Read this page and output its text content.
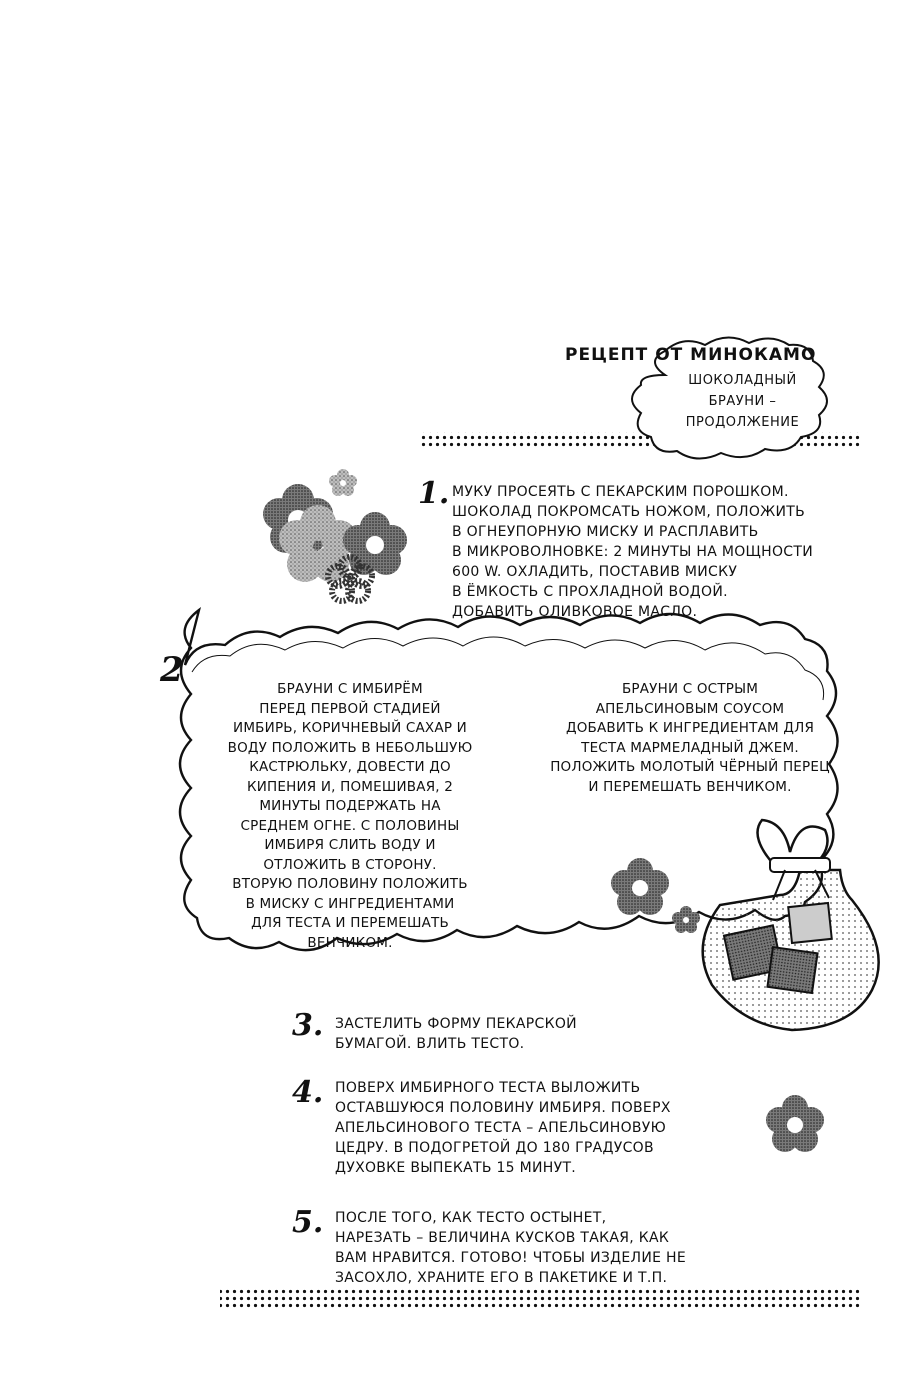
РЕЦЕПТ ОТ МИНОКАМО
ШОКОЛАДНЫЙ
БРАУНИ –
ПРОДОЛЖЕНИЕ
1. МУКУ ПРОСЕЯТЬ С ПЕКАРСКИМ ПОРОШКОМ.
ШОКОЛАД ПОКРОМСАТЬ НОЖОМ, ПОЛОЖИТЬ
В ОГНЕУПОРНУЮ МИСКУ И РАСПЛАВИТЬ
В МИКРОВОЛНОВКЕ: 2 МИНУТЫ НА МОЩНОСТИ
600 W. ОХЛАДИТЬ, ПОСТАВИВ МИСКУ
В ЁМКОСТЬ С ПРОХЛАДНОЙ ВОДОЙ.
ДОБАВИТЬ ОЛИВКОВОЕ МАСЛО.
2	БРАУНИ С ИМБИРЁМ
ПЕРЕД ПЕРВОЙ СТАДИЕЙ
ИМБИРЬ, КОРИЧНЕВЫЙ САХАР И
ВОДУ ПОЛОЖИТЬ В НЕБОЛЬШУЮ
КАСТРЮЛЬКУ, ДОВЕСТИ ДО
КИПЕНИЯ И, ПОМЕШИВАЯ, 2
МИНУТЫ ПОДЕРЖАТЬ НА
СРЕДНЕМ ОГНЕ. С ПОЛОВИНЫ
ИМБИРЯ СЛИТЬ ВОДУ И
ОТЛОЖИТЬ В СТОРОНУ.
ВТОРУЮ ПОЛОВИНУ ПОЛОЖИТЬ
В МИСКУ С ИНГРЕДИЕНТАМИ
ДЛЯ ТЕСТА И ПЕРЕМЕШАТЬ
ВЕНЧИКОМ.
БРАУНИ С ОСТРЫМ
АПЕЛЬСИНОВЫМ СОУСОМ
ДОБАВИТЬ К ИНГРЕДИЕНТАМ ДЛЯ
ТЕСТА МАРМЕЛАДНЫЙ ДЖЕМ.
ПОЛОЖИТЬ МОЛОТЫЙ ЧЁРНЫЙ ПЕРЕЦ
И ПЕРЕМЕШАТЬ ВЕНЧИКОМ.
3. ЗАСТЕЛИТЬ ФОРМУ ПЕКАРСКОЙ
БУМАГОЙ. ВЛИТЬ ТЕСТО.
4. ПОВЕРХ ИМБИРНОГО ТЕСТА ВЫЛОЖИТЬ
ОСТАВШУЮСЯ ПОЛОВИНУ ИМБИРЯ. ПОВЕРХ
АПЕЛЬСИНОВОГО ТЕСТА – АПЕЛЬСИНОВУЮ
ЦЕДРУ. В ПОДОГРЕТОЙ ДО 180 ГРАДУСОВ
ДУХОВКЕ ВЫПЕКАТЬ 15 МИНУТ.
5. ПОСЛЕ ТОГО, КАК ТЕСТО ОСТЫНЕТ,
НАРЕЗАТЬ – ВЕЛИЧИНА КУСКОВ ТАКАЯ, КАК
ВАМ НРАВИТСЯ. ГОТОВО! ЧТОБЫ ИЗДЕЛИЕ НЕ
ЗАСОХЛО, ХРАНИТЕ ЕГО В ПАКЕТИКЕ И Т.П.
